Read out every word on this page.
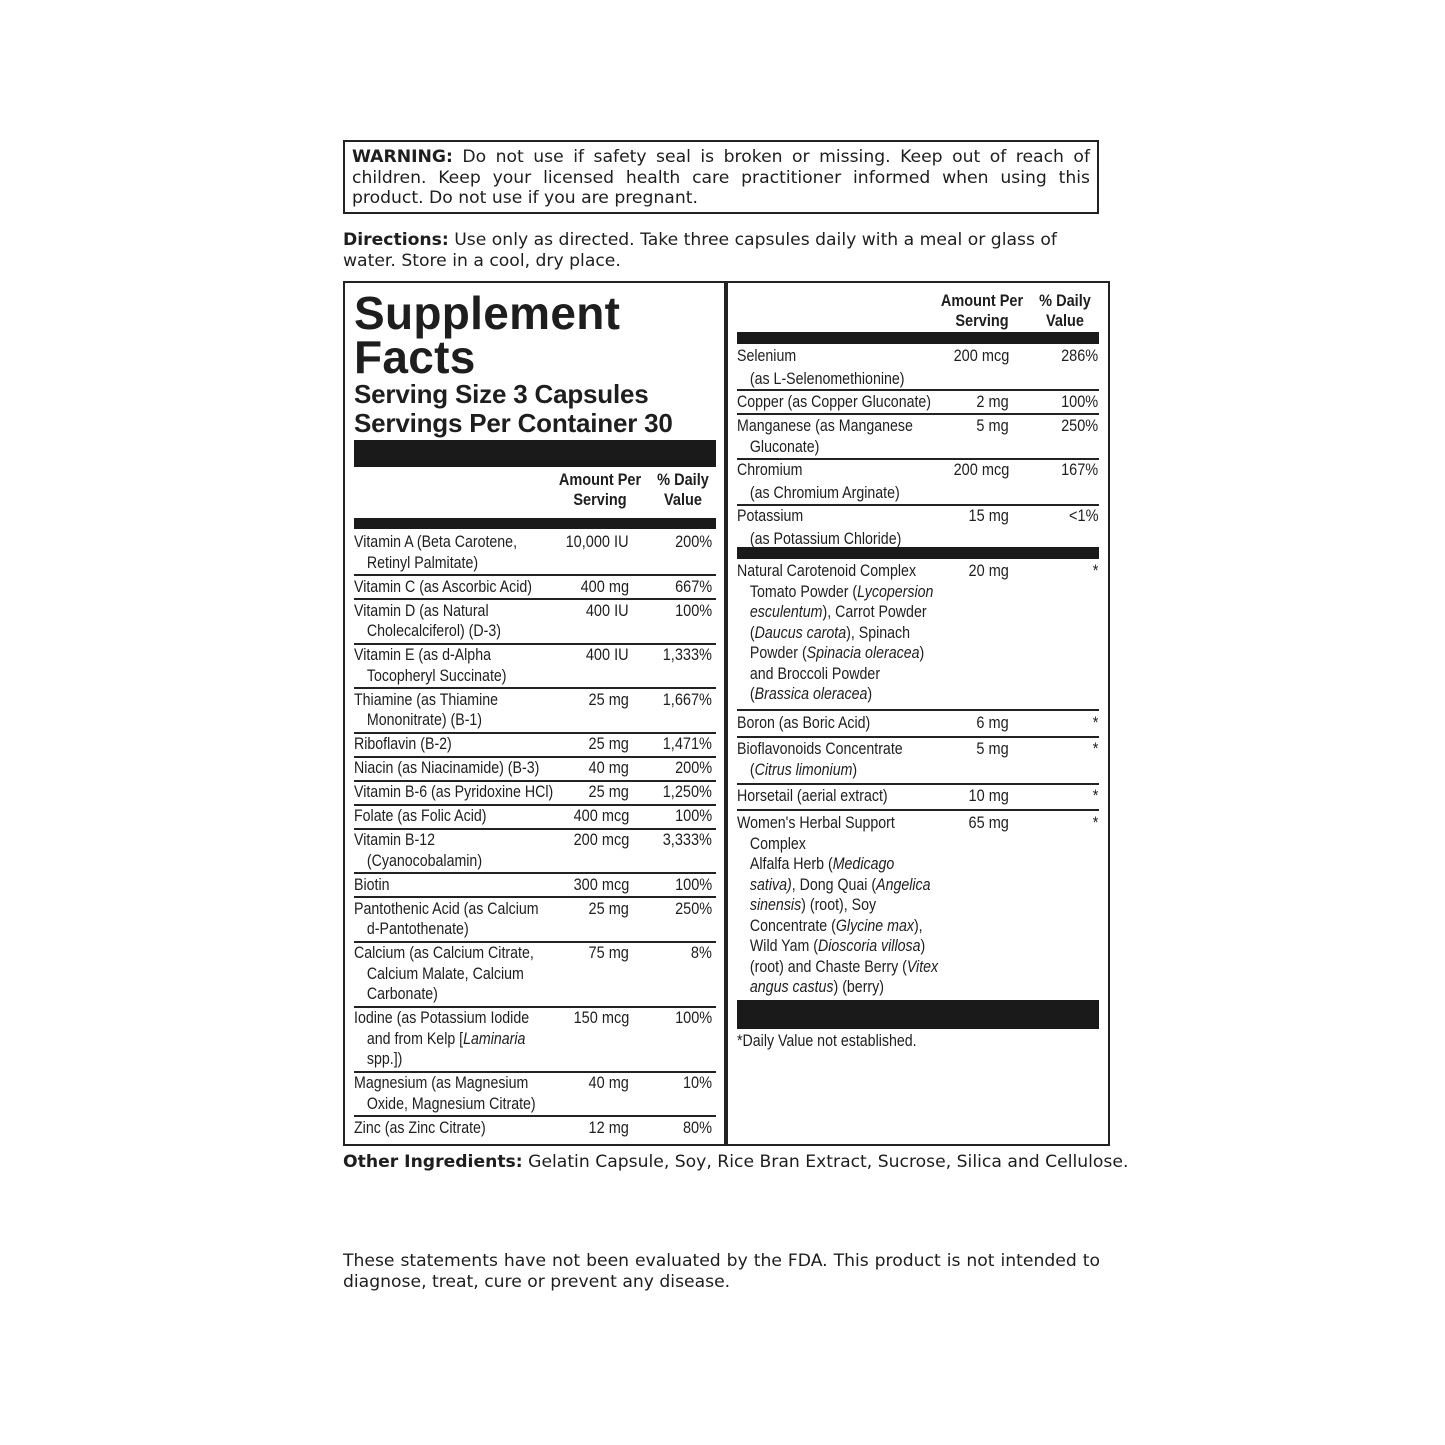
WARNING: Do not use if safety seal is broken or missing. Keep out of reach of children. Keep your licensed health care practitioner informed when using this product. Do not use if you are pregnant.
Directions: Use only as directed. Take three capsules daily with a meal or glass of water. Store in a cool, dry place.
Supplement
Facts
Serving Size 3 Capsules
Servings Per Container 30
Amount Per
Serving
% Daily
Value
Vitamin A (Beta Carotene,
Retinyl Palmitate)
10,000 IU	200%
Vitamin C (as Ascorbic Acid)	400 mg	667%
Vitamin D (as Natural
Cholecalciferol) (D-3)
400 IU	100%
Vitamin E (as d-Alpha
Tocopheryl Succinate)
400 IU 1,333%
Thiamine (as Thiamine
Mononitrate) (B-1)
25 mg 1,667%
Riboflavin (B-2)	25 mg 1,471%
Niacin (as Niacinamide) (B-3)	40 mg	200%
Vitamin B-6 (as Pyridoxine HCl) 25 mg 1,250%
Folate (as Folic Acid)	400 mcg	100%
Vitamin B-12
(Cyanocobalamin)
200 mcg 3,333%
Biotin	300 mcg	100%
Pantothenic Acid (as Calcium
d-Pantothenate)
25 mg	250%
Calcium (as Calcium Citrate,
Calcium Malate, Calcium
Carbonate)
75 mg	8%
Iodine (as Potassium Iodide
and from Kelp [Laminaria
spp.])
150 mcg	100%
Magnesium (as Magnesium
Oxide, Magnesium Citrate)
40 mg	10%
Zinc (as Zinc Citrate)	12 mg	80%
Amount Per
Serving
% Daily
Value
Selenium
(as L-Selenomethionine)
200 mcg	286%
Copper (as Copper Gluconate)	2 mg	100%
Manganese (as Manganese
Gluconate)
5 mg	250%
Chromium
(as Chromium Arginate)
200 mcg	167%
Potassium
(as Potassium Chloride)
15 mg	<1%
Natural Carotenoid Complex
Tomato Powder (Lycopersion
esculentum), Carrot Powder
(Daucus carota), Spinach
Powder (Spinacia oleracea)
and Broccoli Powder
(Brassica oleracea)
20 mg	*
Boron (as Boric Acid)	6 mg	*
Bioflavonoids Concentrate
(Citrus limonium)
5 mg	*
Horsetail (aerial extract)	10 mg	*
Women's Herbal Support
Complex
Alfalfa Herb (Medicago
sativa), Dong Quai (Angelica
sinensis) (root), Soy
Concentrate (Glycine max),
Wild Yam (Dioscoria villosa)
(root) and Chaste Berry (Vitex
angus castus) (berry)
65 mg	*
*Daily Value not established.
Other Ingredients: Gelatin Capsule, Soy, Rice Bran Extract, Sucrose, Silica and Cellulose.
These statements have not been evaluated by the FDA. This product is not intended to diagnose, treat, cure or prevent any disease.
